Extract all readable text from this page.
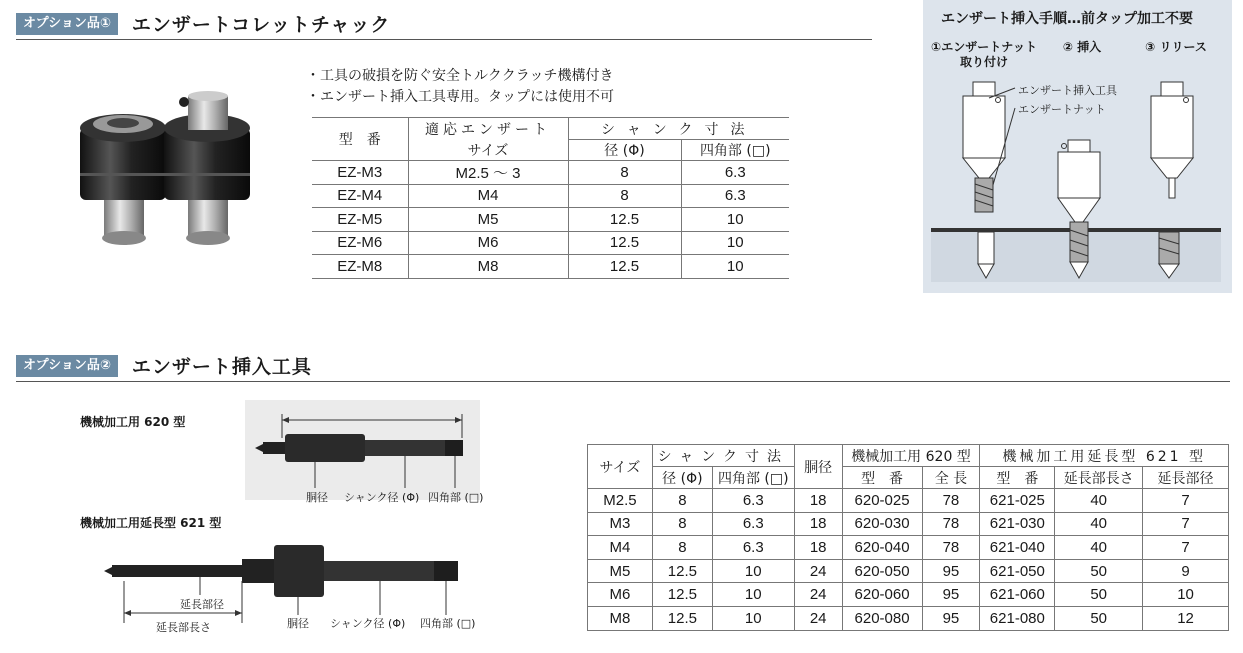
オプション品①	エンザートコレットチャック
・ 工具の破損を防ぐ安全トルククラッチ機構付き
・ エンザート挿入工具専用。タップには使用不可
型　番	適応エンザート	シャンク寸法	
	サイズ	径 (Φ)	四角部 (□)
EZ-M3	M2.5 ～ 3	8	6.3
EZ-M4	M4	8	6.3
EZ-M5	M5	12.5	10
EZ-M6	M6	12.5	10
EZ-M8	M8	12.5	10
エンザート挿入手順…前タップ加工不要
①エンザートナット
取り付け
② 挿入	③ リリース
エンザート挿入工具
エンザートナット
オプション品②	エンザート挿入工具
機械加工用 620 型
胴径 シャンク径 (Φ) 四角部 (□)
機械加工用延長型 621 型
延長部径
延長部長さ	胴径 シャンク径 (Φ) 四角部 (□)
サイズ	シャンク寸法		胴径	機械加工用 620 型		機械加工用延長型 621 型		
	径 (Φ)	四角部 (□)		型　番	全 長	型　番	延長部長さ	延長部径
M2.5	8	6.3	18	620-025	78	621-025	40	7
M3	8	6.3	18	620-030	78	621-030	40	7
M4	8	6.3	18	620-040	78	621-040	40	7
M5	12.5	10	24	620-050	95	621-050	50	9
M6	12.5	10	24	620-060	95	621-060	50	10
M8	12.5	10	24	620-080	95	621-080	50	12
